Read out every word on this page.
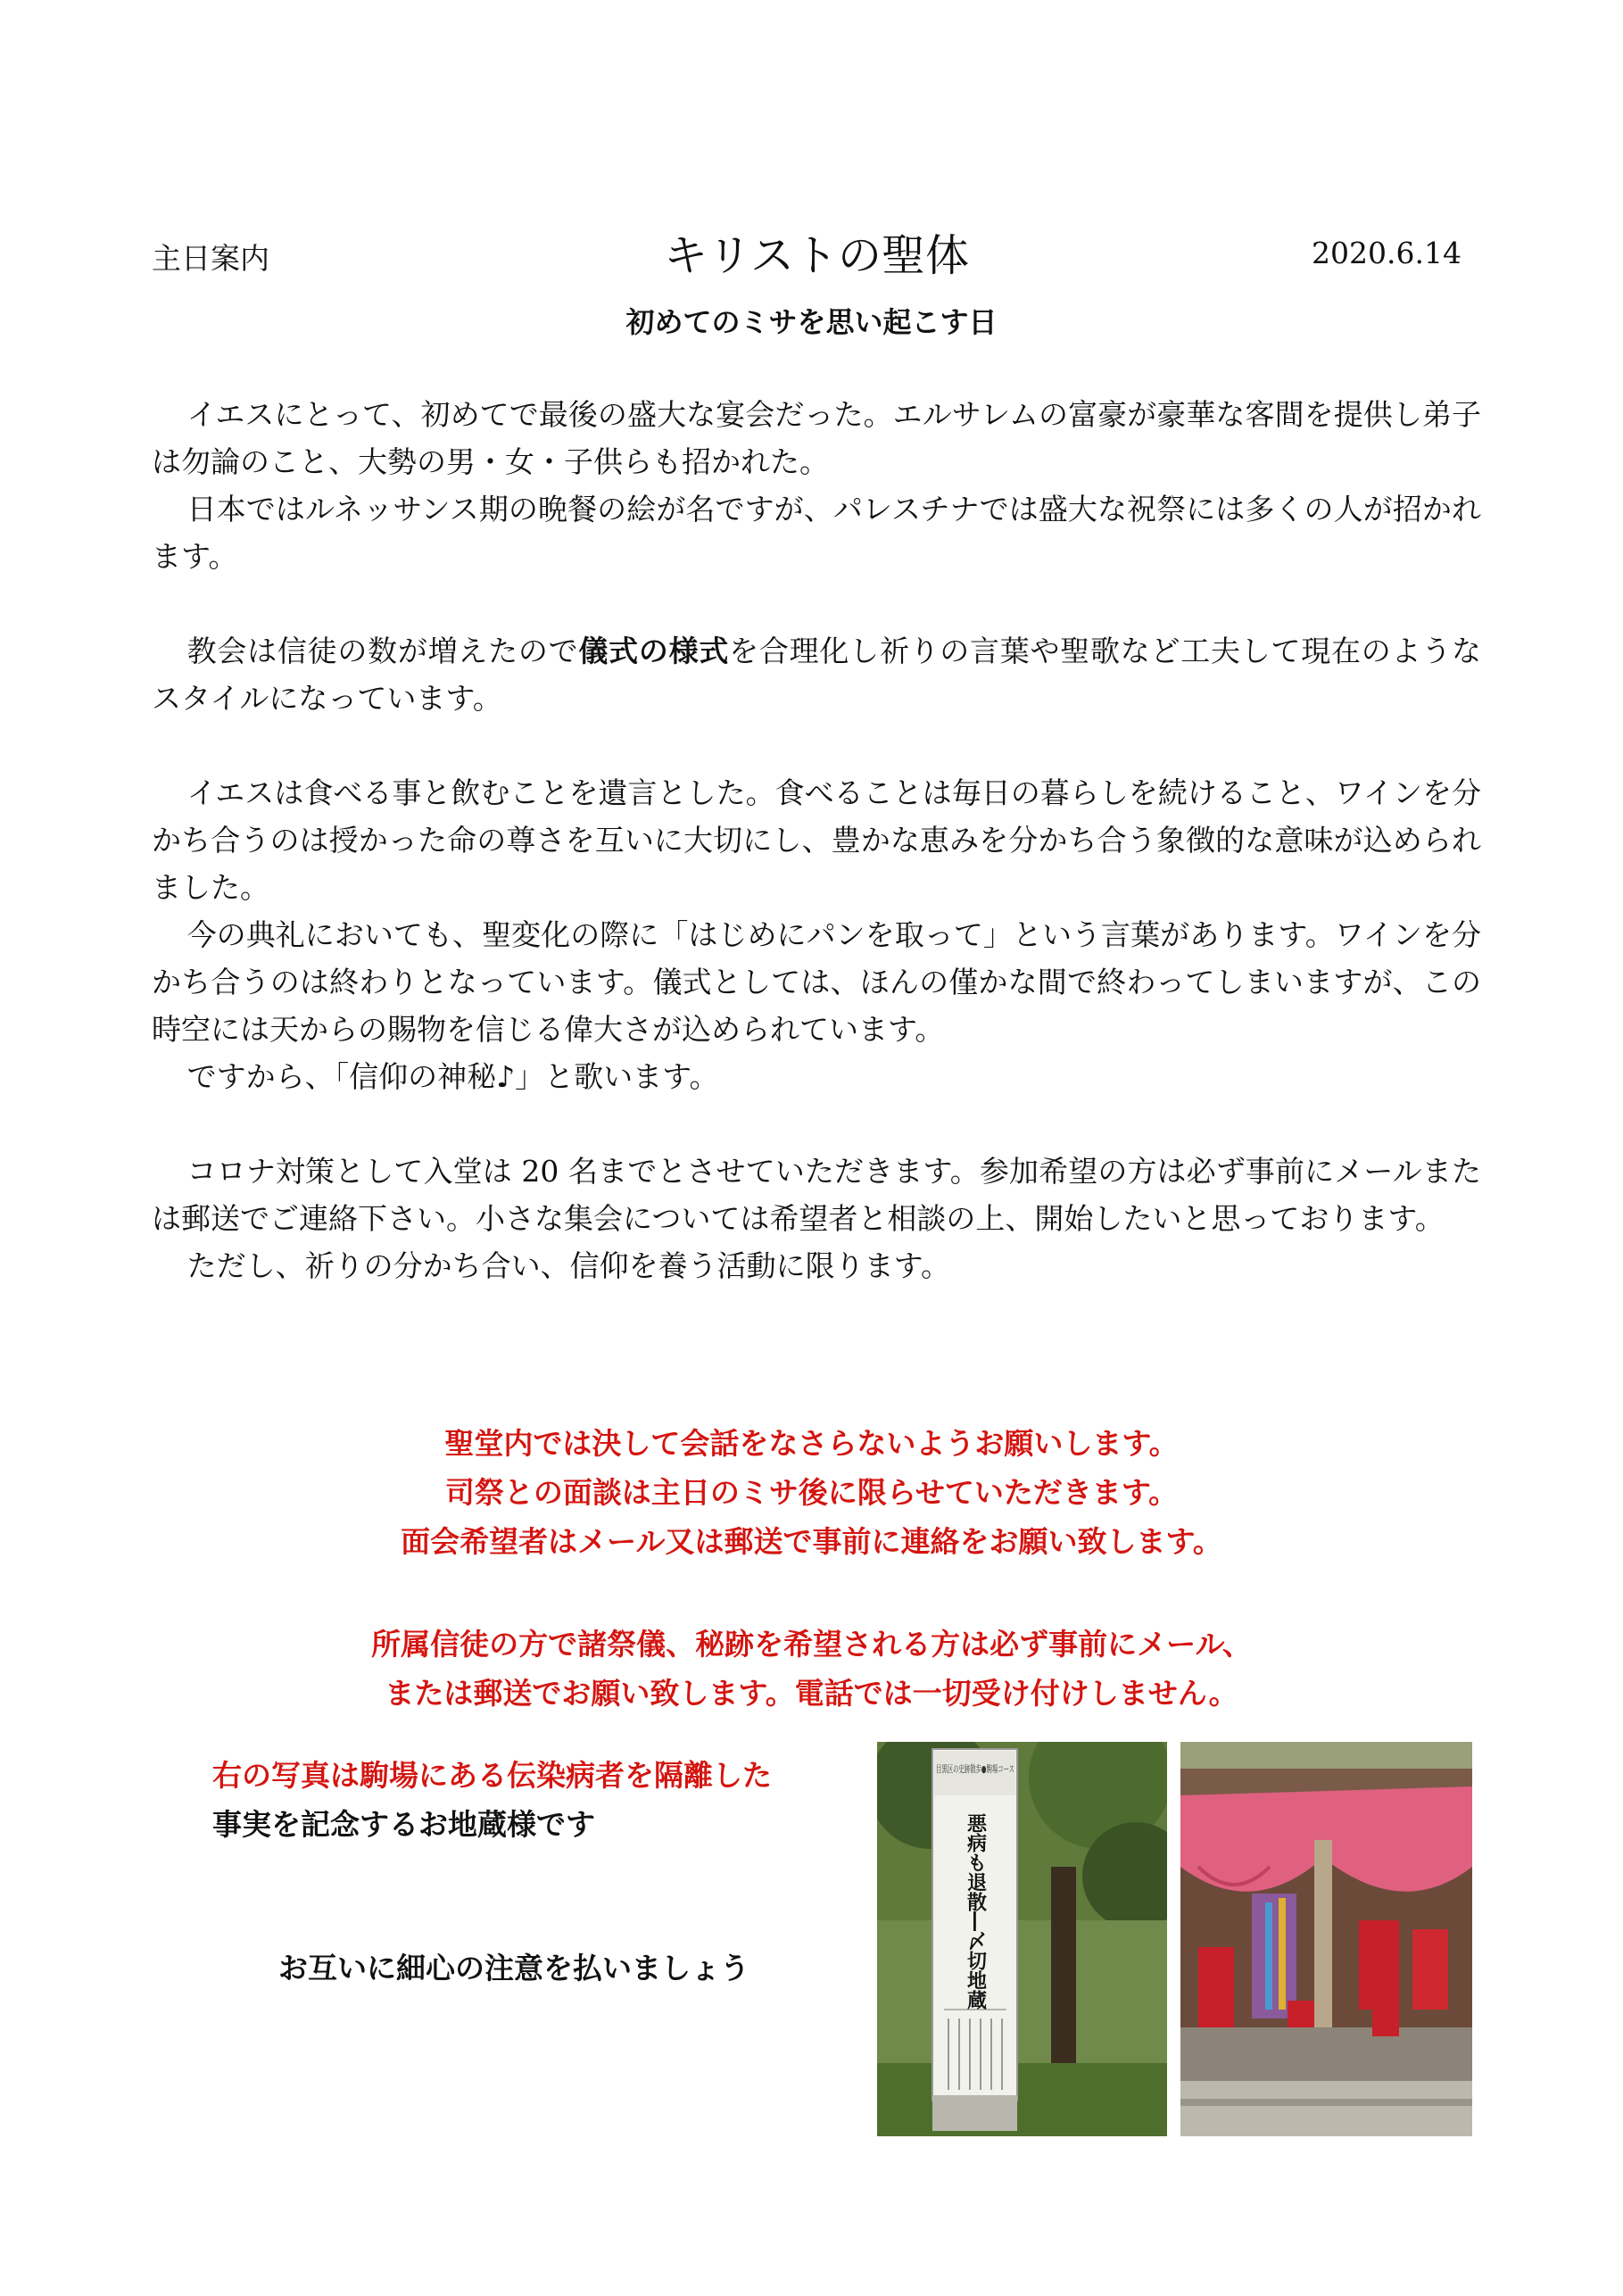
主日案内	キリストの聖体	2020.6.14
初めてのミサを思い起こす日

イエスにとって、初めてで最後の盛大な宴会だった。エルサレムの富豪が豪華な客間を提供し弟子は勿論のこと、大勢の男・女・子供らも招かれた。

日本ではルネッサンス期の晩餐の絵が名ですが、パレスチナでは盛大な祝祭には多くの人が招かれます。

教会は信徒の数が増えたので儀式の様式を合理化し祈りの言葉や聖歌など工夫して現在のようなスタイルになっています。

イエスは食べる事と飲むことを遺言とした。食べることは毎日の暮らしを続けること、ワインを分かち合うのは授かった命の尊さを互いに大切にし、豊かな恵みを分かち合う象徴的な意味が込められました。

今の典礼においても、聖変化の際に「はじめにパンを取って」という言葉があります。ワインを分かち合うのは終わりとなっています。儀式としては、ほんの僅かな間で終わってしまいますが、この時空には天からの賜物を信じる偉大さが込められています。

ですから、「信仰の神秘♪」と歌います。

コロナ対策として入堂は 20 名までとさせていただきます。参加希望の方は必ず事前にメールまたは郵送でご連絡下さい。小さな集会については希望者と相談の上、開始したいと思っております。

ただし、祈りの分かち合い、信仰を養う活動に限ります。

聖堂内では決して会話をなさらないようお願いします。
司祭との面談は主日のミサ後に限らせていただきます。
面会希望者はメール又は郵送で事前に連絡をお願い致します。
所属信徒の方で諸祭儀、秘跡を希望される方は必ず事前にメール、
または郵送でお願い致します。電話では一切受け付けしません。
右の写真は駒場にある伝染病者を隔離した
事実を記念するお地蔵様です
お互いに細心の注意を払いましょう
目黒区の史跡散歩●駒場コース
悪病も退散―〆切地蔵
